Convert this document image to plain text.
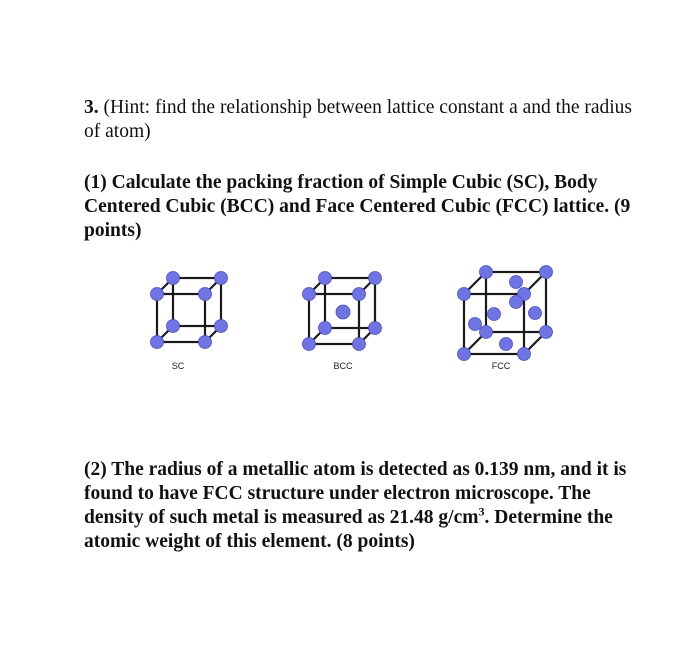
3. (Hint: find the relationship between lattice constant a and the radius of atom)
(1) Calculate the packing fraction of Simple Cubic (SC), Body Centered Cubic (BCC) and Face Centered Cubic (FCC) lattice. (9 points)
SC	BCC	FCC
(2) The radius of a metallic atom is detected as 0.139 nm, and it is found to have FCC structure under electron microscope. The density of such metal is measured as 21.48 $g/cm^3$. Determine the atomic weight of this element. (8 points)
